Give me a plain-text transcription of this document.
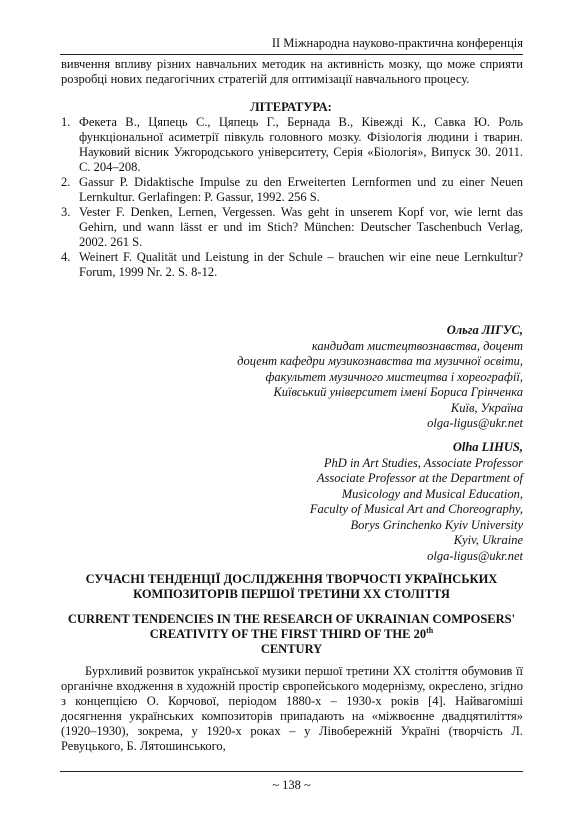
II Міжнародна науково-практична конференція
вивчення впливу різних навчальних методик на активність мозку, що може сприяти розробці нових педагогічних стратегій для оптимізації навчального процесу.
ЛІТЕРАТУРА:
1. Фекета В., Цяпець С., Цяпець Г., Бернада В., Ківежді К., Савка Ю. Роль функціональної асиметрії півкуль головного мозку. Фізіологія людини і тварин. Науковий вісник Ужгородського університету, Серія «Біологія», Випуск 30. 2011. С. 204–208.
2. Gassur P. Didaktische Impulse zu den Erweiterten Lernformen und zu einer Neuen Lernkultur. Gerlafingen: P. Gassur, 1992. 256 S.
3. Vester F. Denken, Lernen, Vergessen. Was geht in unserem Kopf vor, wie lernt das Gehirn, und wann lässt er und im Stich? München: Deutscher Taschenbuch Verlag, 2002. 261 S.
4. Weinert F. Qualität und Leistung in der Schule – brauchen wir eine neue Lernkultur? Forum, 1999 Nr. 2. S. 8-12.
Ольга ЛІГУС,
кандидат мистецтвознавства, доцент
доцент кафедри музикознавства та музичної освіти,
факультет музичного мистецтва і хореографії,
Київський університет імені Бориса Грінченка
Київ, Україна
olga-ligus@ukr.net
Olha LIHUS,
PhD in Art Studies, Associate Professor
Associate Professor at the Department of
Musicology and Musical Education,
Faculty of Musical Art and Choreography,
Borys Grinchenko Kyiv University
Kyiv, Ukraine
olga-ligus@ukr.net
СУЧАСНІ ТЕНДЕНЦІЇ ДОСЛІДЖЕННЯ ТВОРЧОСТІ УКРАЇНСЬКИХ КОМПОЗИТОРІВ ПЕРШОЇ ТРЕТИНИ ХХ СТОЛІТТЯ
CURRENT TENDENCIES IN THE RESEARCH OF UKRAINIAN COMPOSERS' CREATIVITY OF THE FIRST THIRD OF THE 20th
CENTURY
Бурхливий розвиток української музики першої третини ХХ століття обумовив її органічне входження в художній простір європейського модернізму, окреслено, згідно з концепцією О. Корчової, періодом 1880-х – 1930-х років [4]. Найвагоміші досягнення українських композиторів припадають на «міжвоєнне двадцятиліття» (1920–1930), зокрема, у 1920-х роках – у Лівобережній Україні (творчість Л. Ревуцького, Б. Лятошинського,
~ 138 ~
